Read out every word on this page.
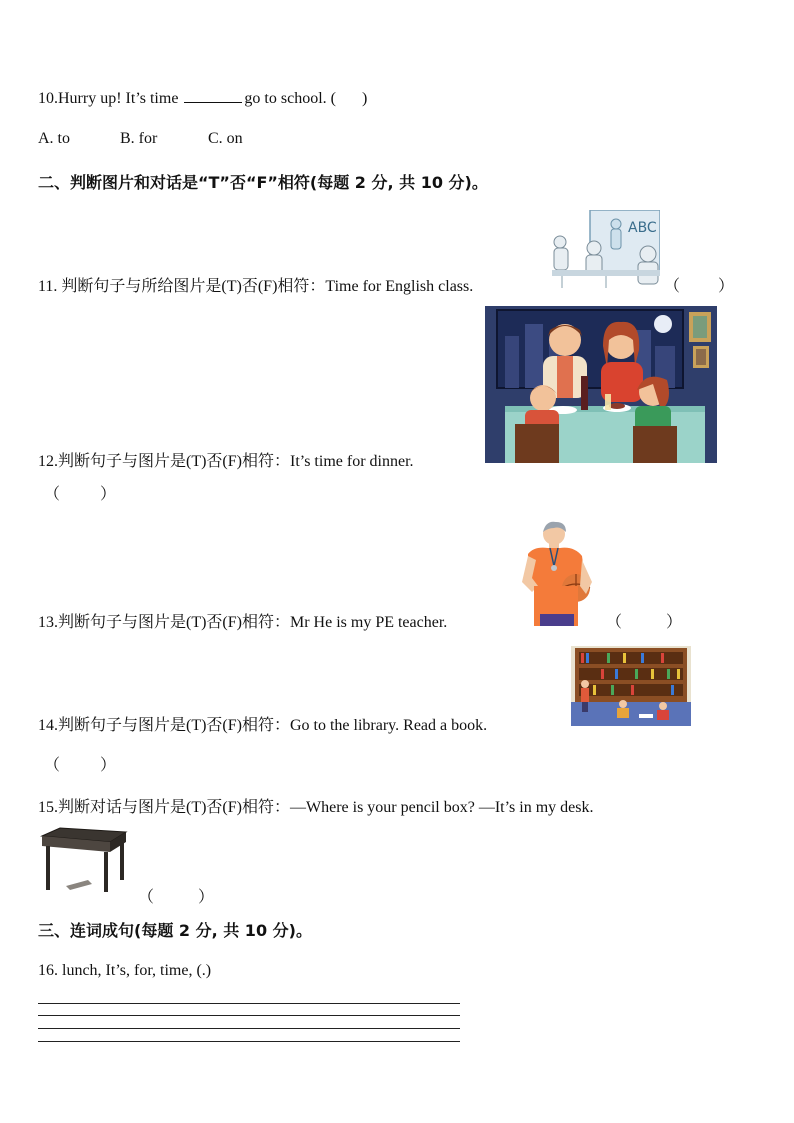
10.Hurry up! It’s time	go to school. ( )
A. to	B. for	C. on
二、判断图片和对话是“T”否“F”相符(每题 2 分, 共 10 分)。
ABC
11. 判断句子与所给图片是(T)否(F)相符：Time for English class.	（ ）
12.判断句子与图片是(T)否(F)相符：It’s time for dinner.
（	）
13.判断句子与图片是(T)否(F)相符：Mr He is my PE teacher.	（	）
14.判断句子与图片是(T)否(F)相符：Go to the library. Read a book.
（	）
15.判断对话与图片是(T)否(F)相符：—Where is your pencil box? —It’s in my desk.
（	）
三、连词成句(每题 2 分, 共 10 分)。
16. lunch, It’s, for, time, (.)
